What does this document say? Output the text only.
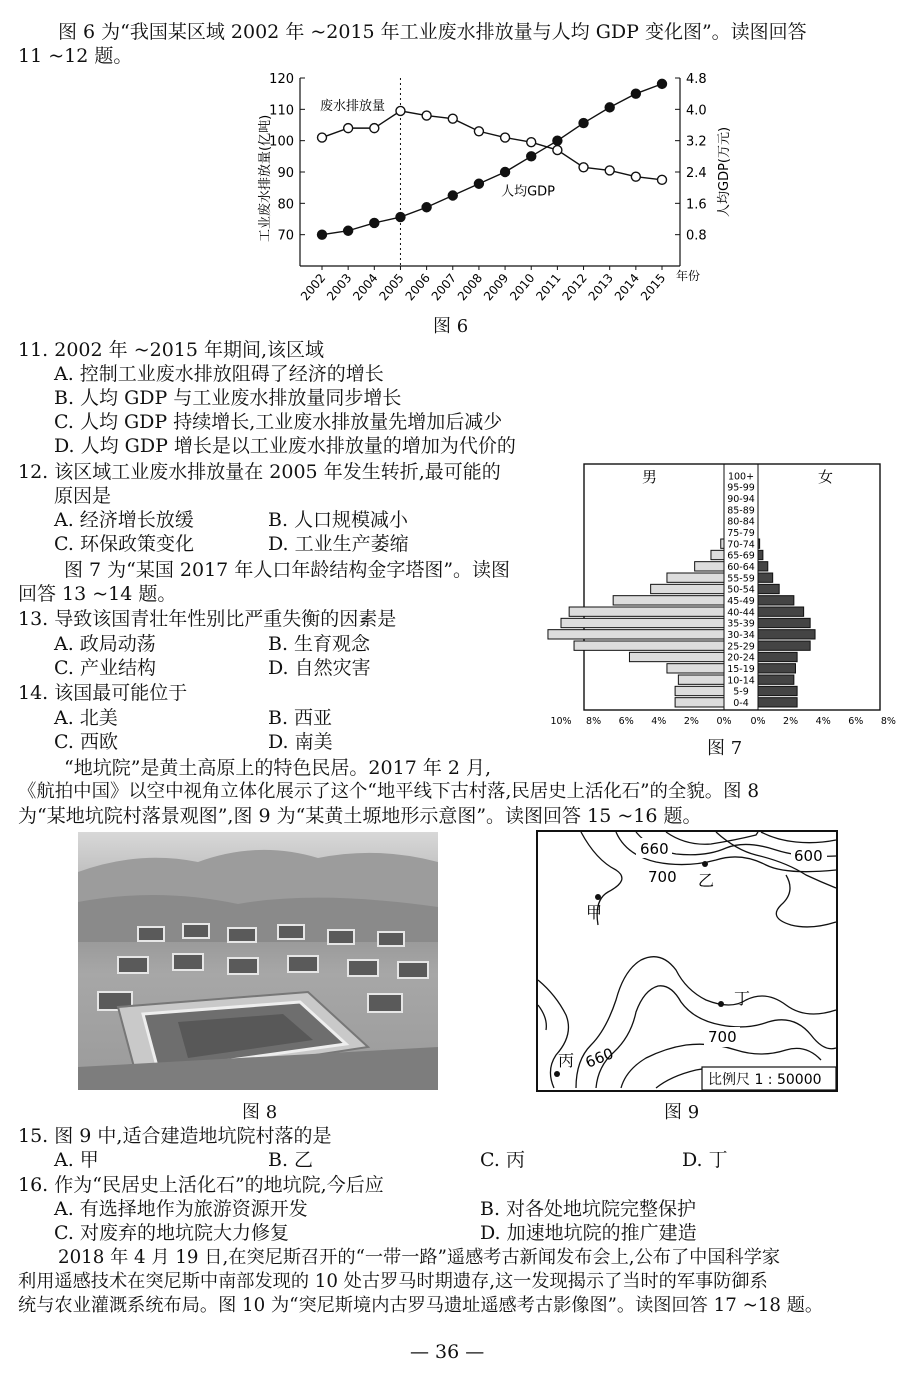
图 6 为“我国某区域 2002 年 ~2015 年工业废水排放量与人均 GDP 变化图”。读图回答
11 ~12 题。
70
80
90
100
110
120
0.8
1.6
2.4
3.2
4.0
4.8
2002
2003
2004
2005
2006
2007
2008
2009
2010
2011
2012
2013
2014
2015 年份
工业废水排放量(亿吨)	人均GDP(万元)
废水排放量
人均GDP
图 6
11. 2002 年 ~2015 年期间,该区域
A. 控制工业废水排放阻碍了经济的增长
B. 人均 GDP 与工业废水排放量同步增长
C. 人均 GDP 持续增长,工业废水排放量先增加后减少
D. 人均 GDP 增长是以工业废水排放量的增加为代价的
12. 该区域工业废水排放量在 2005 年发生转折,最可能的
原因是
A. 经济增长放缓	B. 人口规模减小
C. 环保政策变化	D. 工业生产萎缩
图 7 为“某国 2017 年人口年龄结构金字塔图”。读图
回答 13 ~14 题。
13. 导致该国青壮年性别比严重失衡的因素是
A. 政局动荡	B. 生育观念
C. 产业结构	D. 自然灾害
14. 该国最可能位于
A. 北美	B. 西亚
C. 西欧	D. 南美
男	女
100+
95-99
90-94
85-89
80-84
75-79
70-74
65-69
60-64
55-59
50-54
45-49
40-44
35-39
30-34
25-29
20-24
15-19
10-14
5-9
0-4
10% 8% 6% 4% 2% 0% 0% 2% 4% 6% 8%
图 7
“地坑院”是黄土高原上的特色民居。2017 年 2 月,
《航拍中国》以空中视角立体化展示了这个“地平线下古村落,民居史上活化石”的全貌。图 8
为“某地坑院村落景观图”,图 9 为“某黄土塬地形示意图”。读图回答 15 ~16 题。
图 8
660	600
700 乙
甲
丁
700
丙 660
比例尺 1 : 50000
图 9
15. 图 9 中,适合建造地坑院村落的是
A. 甲	B. 乙	C. 丙	D. 丁
16. 作为“民居史上活化石”的地坑院,今后应
A. 有选择地作为旅游资源开发	B. 对各处地坑院完整保护
C. 对废弃的地坑院大力修复	D. 加速地坑院的推广建造
2018 年 4 月 19 日,在突尼斯召开的“一带一路”遥感考古新闻发布会上,公布了中国科学家
利用遥感技术在突尼斯中南部发现的 10 处古罗马时期遗存,这一发现揭示了当时的军事防御系
统与农业灌溉系统布局。图 10 为“突尼斯境内古罗马遗址遥感考古影像图”。读图回答 17 ~18 题。
— 36 —
